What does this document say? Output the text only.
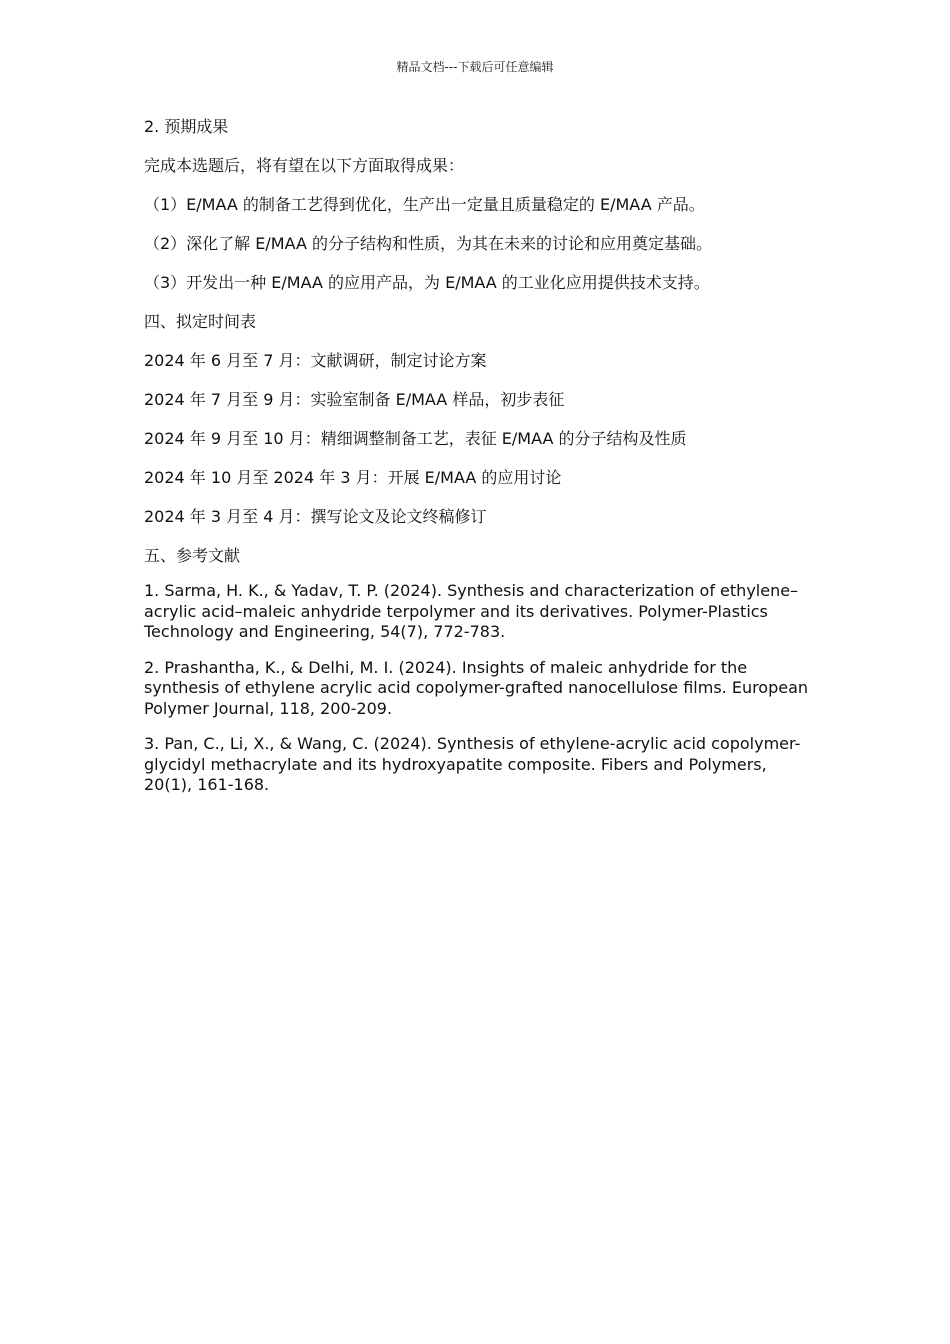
精品文档---下载后可任意编辑
2. 预期成果
完成本选题后，将有望在以下方面取得成果：
（1）E/MAA 的制备工艺得到优化，生产出一定量且质量稳定的 E/MAA 产品。
（2）深化了解 E/MAA 的分子结构和性质，为其在未来的讨论和应用奠定基础。
（3）开发出一种 E/MAA 的应用产品，为 E/MAA 的工业化应用提供技术支持。
四、拟定时间表
2024 年 6 月至 7 月：文献调研，制定讨论方案
2024 年 7 月至 9 月：实验室制备 E/MAA 样品，初步表征
2024 年 9 月至 10 月：精细调整制备工艺，表征 E/MAA 的分子结构及性质
2024 年 10 月至 2024 年 3 月：开展 E/MAA 的应用讨论
2024 年 3 月至 4 月：撰写论文及论文终稿修订
五、参考文献
1. Sarma, H. K., & Yadav, T. P. (2024). Synthesis and characterization of ethylene–acrylic acid–maleic anhydride terpolymer and its derivatives. Polymer-Plastics Technology and Engineering, 54(7), 772-783.
2. Prashantha, K., & Delhi, M. I. (2024). Insights of maleic anhydride for the synthesis of ethylene acrylic acid copolymer-grafted nanocellulose films. European Polymer Journal, 118, 200-209.
3. Pan, C., Li, X., & Wang, C. (2024). Synthesis of ethylene-acrylic acid copolymer-glycidyl methacrylate and its hydroxyapatite composite. Fibers and Polymers, 20(1), 161-168.
